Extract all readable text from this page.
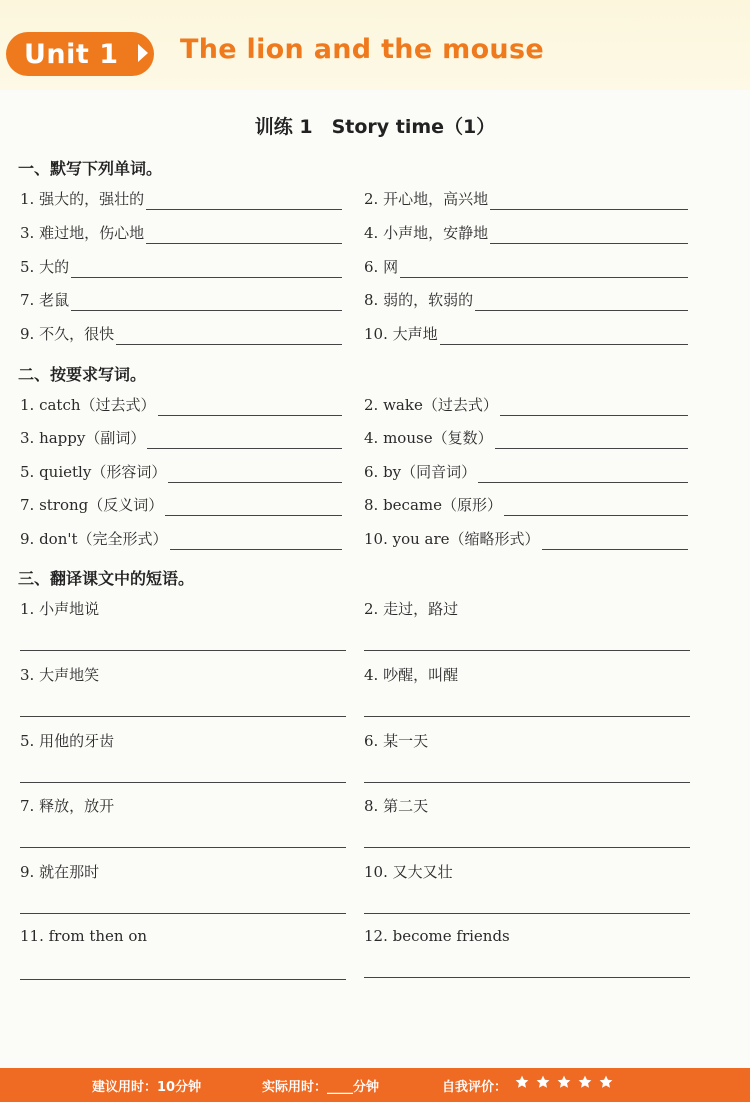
Unit 1 The lion and the mouse
训练 1　Story time（1）
一、默写下列单词。
1. 强大的，强壮的
3. 难过地，伤心地
5. 大的
7. 老鼠
9. 不久，很快
2. 开心地，高兴地
4. 小声地，安静地
6. 网
8. 弱的，软弱的
10. 大声地
二、按要求写词。
1. catch（过去式）
3. happy（副词）
5. quietly（形容词）
7. strong（反义词）
9. don't（完全形式）
2. wake（过去式）
4. mouse（复数）
6. by（同音词）
8. became（原形）
10. you are（缩略形式）
三、翻译课文中的短语。
1. 小声地说
3. 大声地笑
5. 用他的牙齿
7. 释放，放开
9. 就在那时
11. from then on
2. 走过，路过
4. 吵醒，叫醒
6. 某一天
8. 第二天
10. 又大又壮
12. become friends
建议用时：10分钟	实际用时：____分钟	自我评价：
